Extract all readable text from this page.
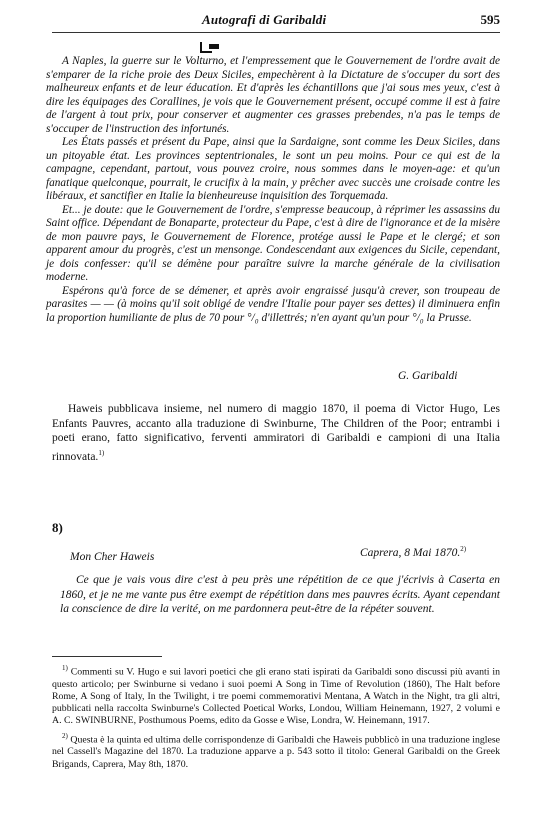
Autografi di Garibaldi	595

A Naples, la guerre sur le Volturno, et l'empressement que le Gouvernement de l'ordre avait de s'emparer de la riche proie des Deux Siciles, empechèrent à la Dictature de s'occuper du sort des malheureux enfants et de leur éducation. Et d'après les échantillons que j'ai sous mes yeux, c'est à dire les équipages des Corallines, je vois que le Gouvernement présent, occupé comme il est à faire de l'argent à tout prix, pour conserver et augmenter ces grasses prebendes, n'a pas le temps de s'occuper de l'instruction des infortunés.

Les États passés et présent du Pape, ainsi que la Sardaigne, sont comme les Deux Siciles, dans un pitoyable état. Les provinces septentrionales, le sont un peu moins. Pour ce qui est de la campagne, cependant, partout, vous pouvez croire, nous sommes dans le moyen-age: et qu'un fanatique quelconque, pourrait, le crucifix à la main, y prêcher avec succès une croisade contre les libéraux, et sanctifier en Italie la bienheureuse inquisition des Torquemada.

Et... je doute: que le Gouvernement de l'ordre, s'empresse beaucoup, à réprimer les assassins du Saint office. Dépendant de Bonaparte, protecteur du Pape, c'est à dire de l'ignorance et de la misère de mon pauvre pays, le Gouvernement de Florence, protége aussi le Pape et le clergé; et son apparent amour du progrès, c'est un mensonge. Condescendant aux exigences du Sicile, cependant, je dois confesser: qu'il se démène pour paraître suivre la marche générale de la civilisation moderne.

Espérons qu'à force de se démener, et après avoir engraissé jusqu'à crever, son troupeau de parasites — — (à moins qu'il soit obligé de vendre l'Italie pour payer ses dettes) il diminuera enfin la proportion humiliante de plus de 70 pour °/₀ d'illettrés; n'en ayant qu'un pour °/₀ la Prusse.

G. Garibaldi

Haweis pubblicava insieme, nel numero di maggio 1870, il poema di Victor Hugo, Les Enfants Pauvres, accanto alla traduzione di Swinburne, The Children of the Poor; entrambi i poeti erano, fatto significativo, ferventi ammiratori di Garibaldi e campioni di una Italia rinnovata.$^{1)}$

8)
Mon Cher Haweis	Caprera, 8 Mai 1870.$^{2)}$

Ce que je vais vous dire c'est à peu près une répétition de ce que j'écrivis à Caserta en 1860, et je ne me vante pus être exempt de répétition dans mes pauvres écrits. Ayant cependant la conscience de dire la verité, on me pardonnera peut-être de la répéter souvent.

$^{1)}$ Commenti su V. Hugo e sui lavori poetici che gli erano stati ispirati da Garibaldi sono discussi più avanti in questo articolo; per Swinburne si vedano i suoi poemi A Song in Time of Revolution (1860), The Halt before Rome, A Song of Italy, In the Twilight, i tre poemi commemorativi Mentana, A Watch in the Night, tra gli altri, pubblicati nella raccolta Swinburne's Collected Poetical Works, Londou, William Heinemann, 1927, 2 volumi e A. C. SWINBURNE, Posthumous Poems, edito da Gosse e Wise, Londra, W. Heinemann, 1917.

$^{2)}$ Questa è la quinta ed ultima delle corrispondenze di Garibaldi che Haweis pubblicò in una traduzione inglese nel Cassell's Magazine del 1870. La traduzione apparve a p. 543 sotto il titolo: General Garibaldi on the Greek Brigands, Caprera, May 8th, 1870.
